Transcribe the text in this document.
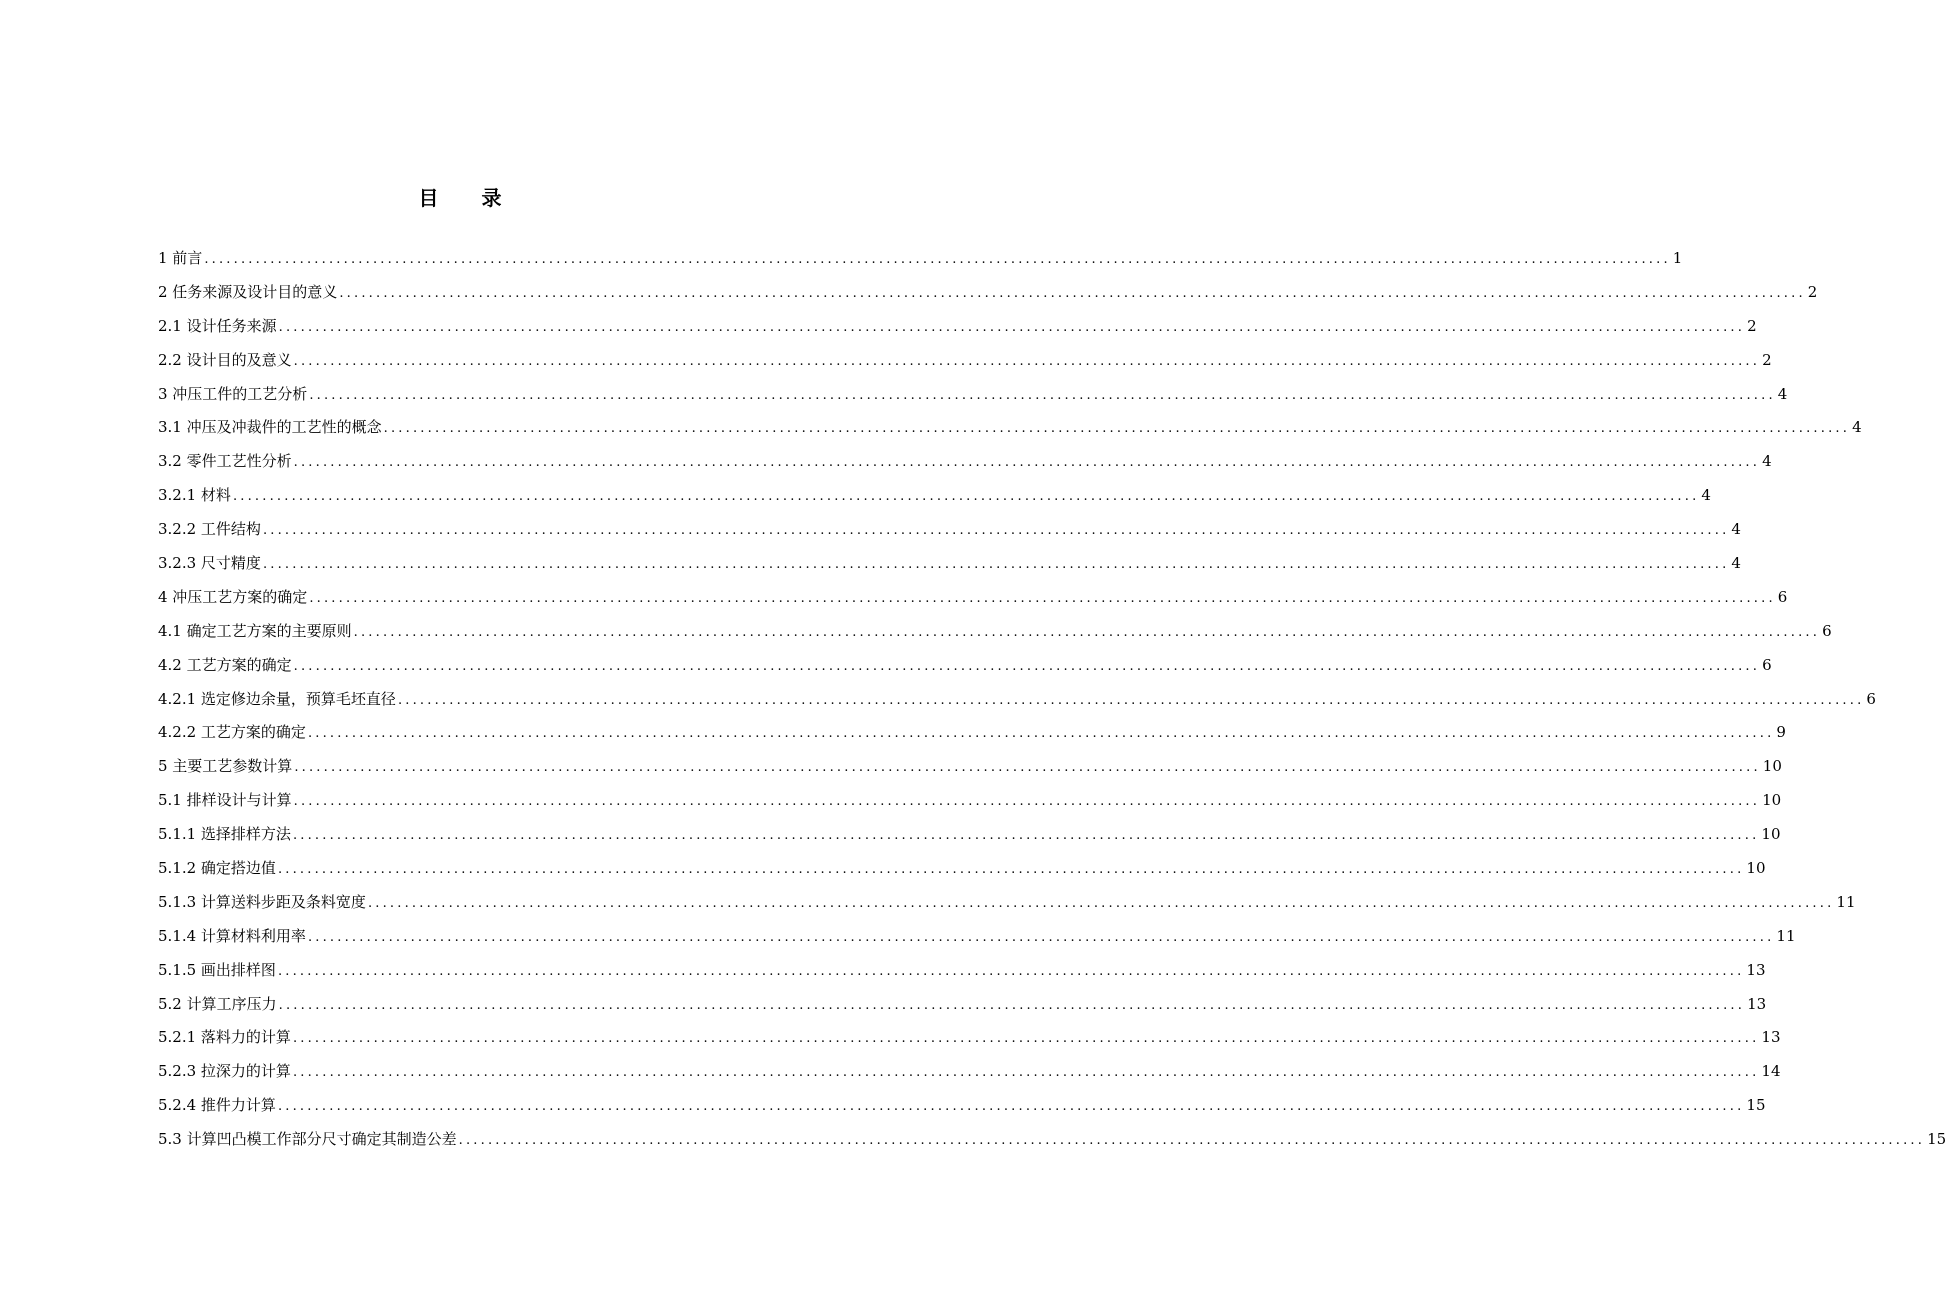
目 录
1 前言 ........................................................................................................................................................................................................ 1
2 任务来源及设计目的意义 ........................................................................................................................................................................................................ 2
2.1 设计任务来源 ........................................................................................................................................................................................................ 2
2.2 设计目的及意义 ........................................................................................................................................................................................................ 2
3 冲压工件的工艺分析 ........................................................................................................................................................................................................ 4
3.1 冲压及冲裁件的工艺性的概念 ........................................................................................................................................................................................................ 4
3.2 零件工艺性分析 ........................................................................................................................................................................................................ 4
3.2.1 材料 ........................................................................................................................................................................................................ 4
3.2.2 工件结构 ........................................................................................................................................................................................................ 4
3.2.3 尺寸精度 ........................................................................................................................................................................................................ 4
4 冲压工艺方案的确定 ........................................................................................................................................................................................................ 6
4.1 确定工艺方案的主要原则 ........................................................................................................................................................................................................ 6
4.2 工艺方案的确定 ........................................................................................................................................................................................................ 6
4.2.1 选定修边余量，预算毛坯直径 ........................................................................................................................................................................................................ 6
4.2.2 工艺方案的确定 ........................................................................................................................................................................................................ 9
5 主要工艺参数计算 ........................................................................................................................................................................................................ 10
5.1 排样设计与计算 ........................................................................................................................................................................................................ 10
5.1.1 选择排样方法 ........................................................................................................................................................................................................ 10
5.1.2 确定搭边值 ........................................................................................................................................................................................................ 10
5.1.3 计算送料步距及条料宽度 ........................................................................................................................................................................................................ 11
5.1.4 计算材料利用率 ........................................................................................................................................................................................................ 11
5.1.5 画出排样图 ........................................................................................................................................................................................................ 13
5.2 计算工序压力 ........................................................................................................................................................................................................ 13
5.2.1 落料力的计算 ........................................................................................................................................................................................................ 13
5.2.3 拉深力的计算 ........................................................................................................................................................................................................ 14
5.2.4 推件力计算 ........................................................................................................................................................................................................ 15
5.3 计算凹凸模工作部分尺寸确定其制造公差 ........................................................................................................................................................................................................ 15
